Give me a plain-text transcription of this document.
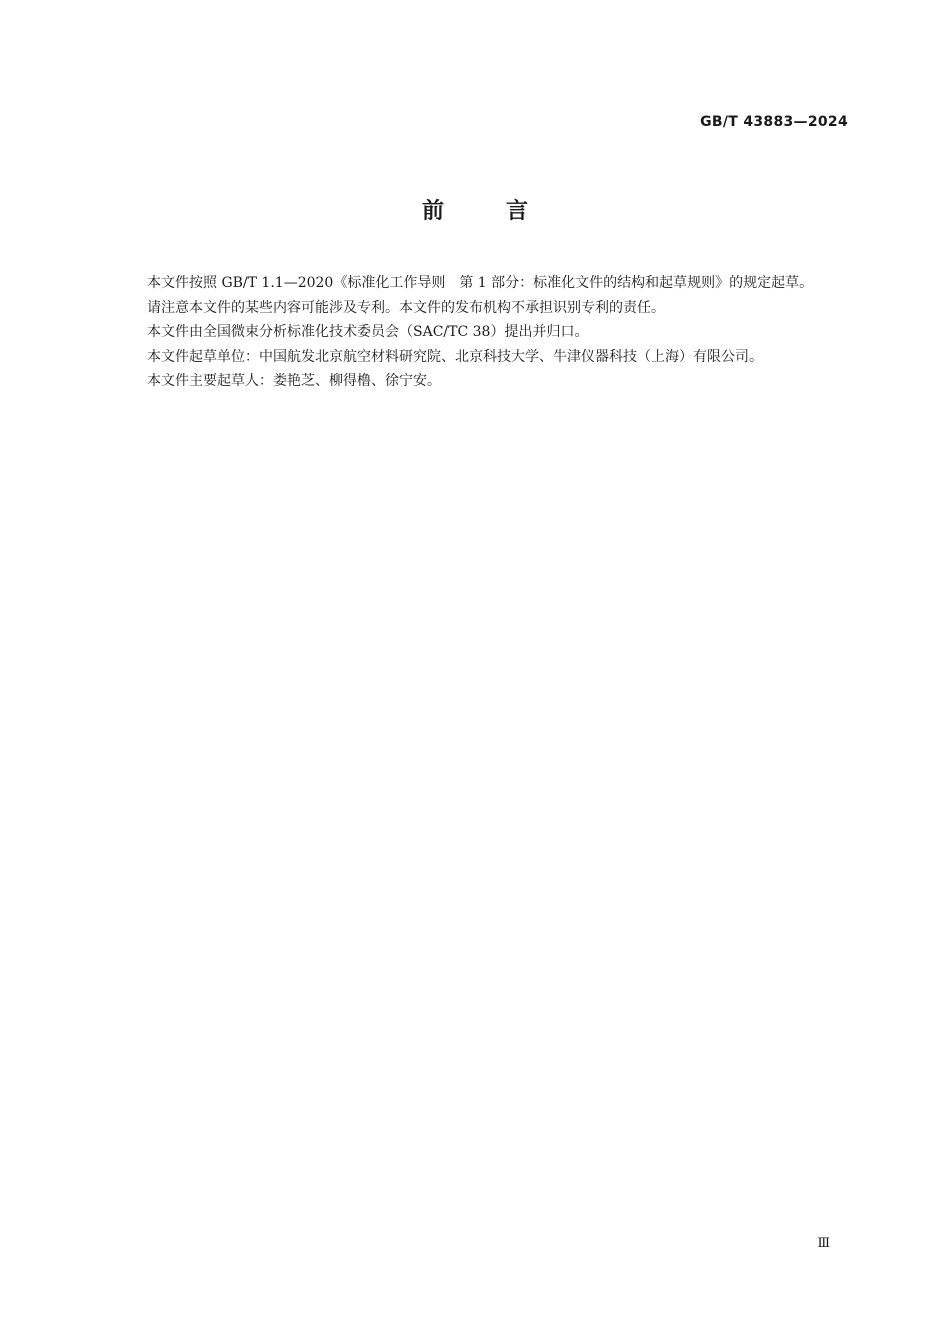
GB/T 43883—2024
前	言

本文件按照 GB/T 1.1—2020《标准化工作导则　第 1 部分：标准化文件的结构和起草规则》的规定起草。

请注意本文件的某些内容可能涉及专利。本文件的发布机构不承担识别专利的责任。

本文件由全国微束分析标准化技术委员会（SAC/TC 38）提出并归口。

本文件起草单位：中国航发北京航空材料研究院、北京科技大学、牛津仪器科技（上海）有限公司。

本文件主要起草人：娄艳芝、柳得橹、徐宁安。

Ⅲ
